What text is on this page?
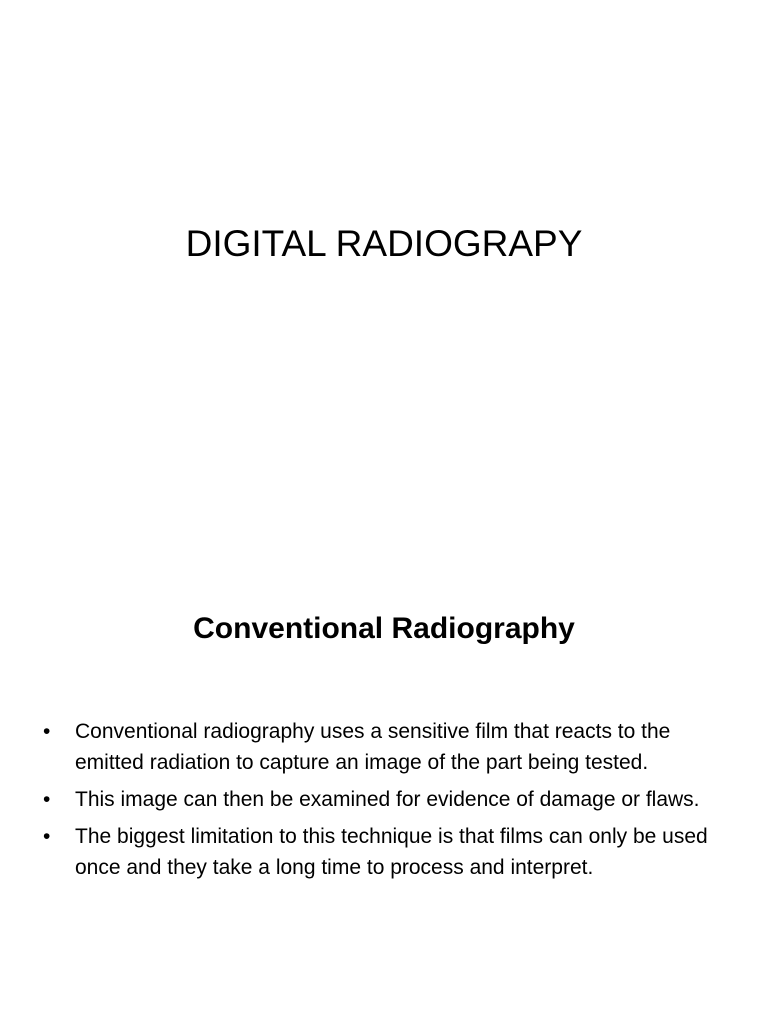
DIGITAL RADIOGRAPY
Conventional Radiography
• Conventional radiography uses a sensitive film that reacts to the emitted radiation to capture an image of the part being tested.
• This image can then be examined for evidence of damage or flaws.
• The biggest limitation to this technique is that films can only be used once and they take a long time to process and interpret.
